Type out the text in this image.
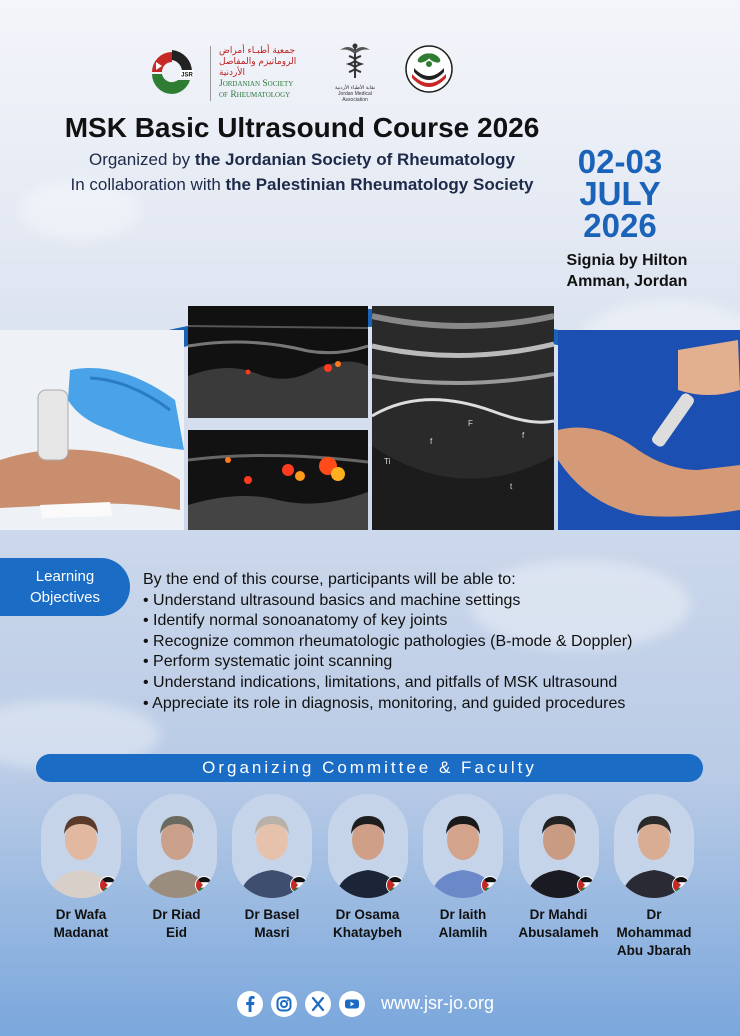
JSR
جمعية أطبـاء أمراض
الروماتيزم والمفاصل الأردنية
Jordanian Society
of Rheumatology
نقابة الأطباء الأردنية
Jordan Medical Association
MSK Basic Ultrasound Course 2026
Organized by the Jordanian Society of Rheumatology
In collaboration with the Palestinian Rheumatology Society
02-03
JULY
2026
Signia by Hilton
Amman, Jordan
Ti
f
F
f
t
Learning
Objectives
By the end of this course, participants will be able to:
• Understand ultrasound basics and machine settings
• Identify normal sonoanatomy of key joints
• Recognize common rheumatologic pathologies (B-mode & Doppler)
• Perform systematic joint scanning
• Understand indications, limitations, and pitfalls of MSK ultrasound
• Appreciate its role in diagnosis, monitoring, and guided procedures
Organizing Committee & Faculty
Dr Wafa
Madanat
Dr Riad
Eid
Dr Basel
Masri
Dr Osama
Khataybeh
Dr laith
Alamlih
Dr Mahdi
Abusalameh
Dr Mohammad
Abu Jbarah
www.jsr-jo.org
